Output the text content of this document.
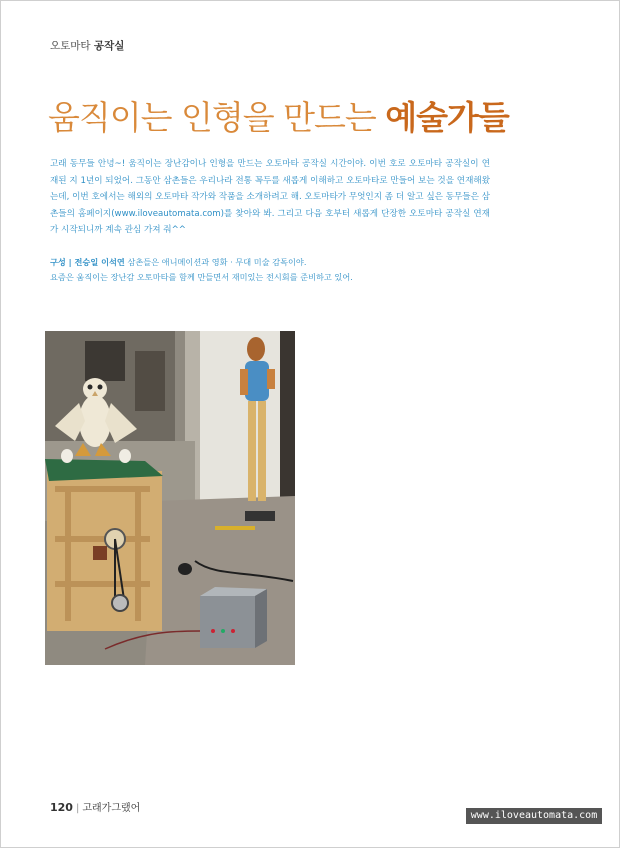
오토마타 공작실
움직이는 인형을 만드는 예술가들
고래 동무들 안녕~! 움직이는 장난감이나 인형을 만드는 오토마타 공작실 시간이야. 이번 호로 오토마타 공작실이 연재된 지 1년이 되었어. 그동안 삼촌들은 우리나라 전통 꼭두를 새롭게 이해하고 오토마타로 만들어 보는 것을 연재해왔는데, 이번 호에서는 해외의 오토마타 작가와 작품을 소개하려고 해. 오토마타가 무엇인지 좀 더 알고 싶은 동무들은 삼촌들의 홈페이지(www.iloveautomata.com)를 찾아와 봐. 그리고 다음 호부터 새롭게 단장한 오토마타 공작실 연재가 시작되니까 계속 관심 가져 줘^^
구성 | 전승일 이석연 삼촌들은 애니메이션과 영화 · 무대 미술 감독이야.
요즘은 움직이는 장난감 오토마타를 함께 만들면서 재미있는 전시회를 준비하고 있어.
120 | 고래가그랬어
www.iloveautomata.com
